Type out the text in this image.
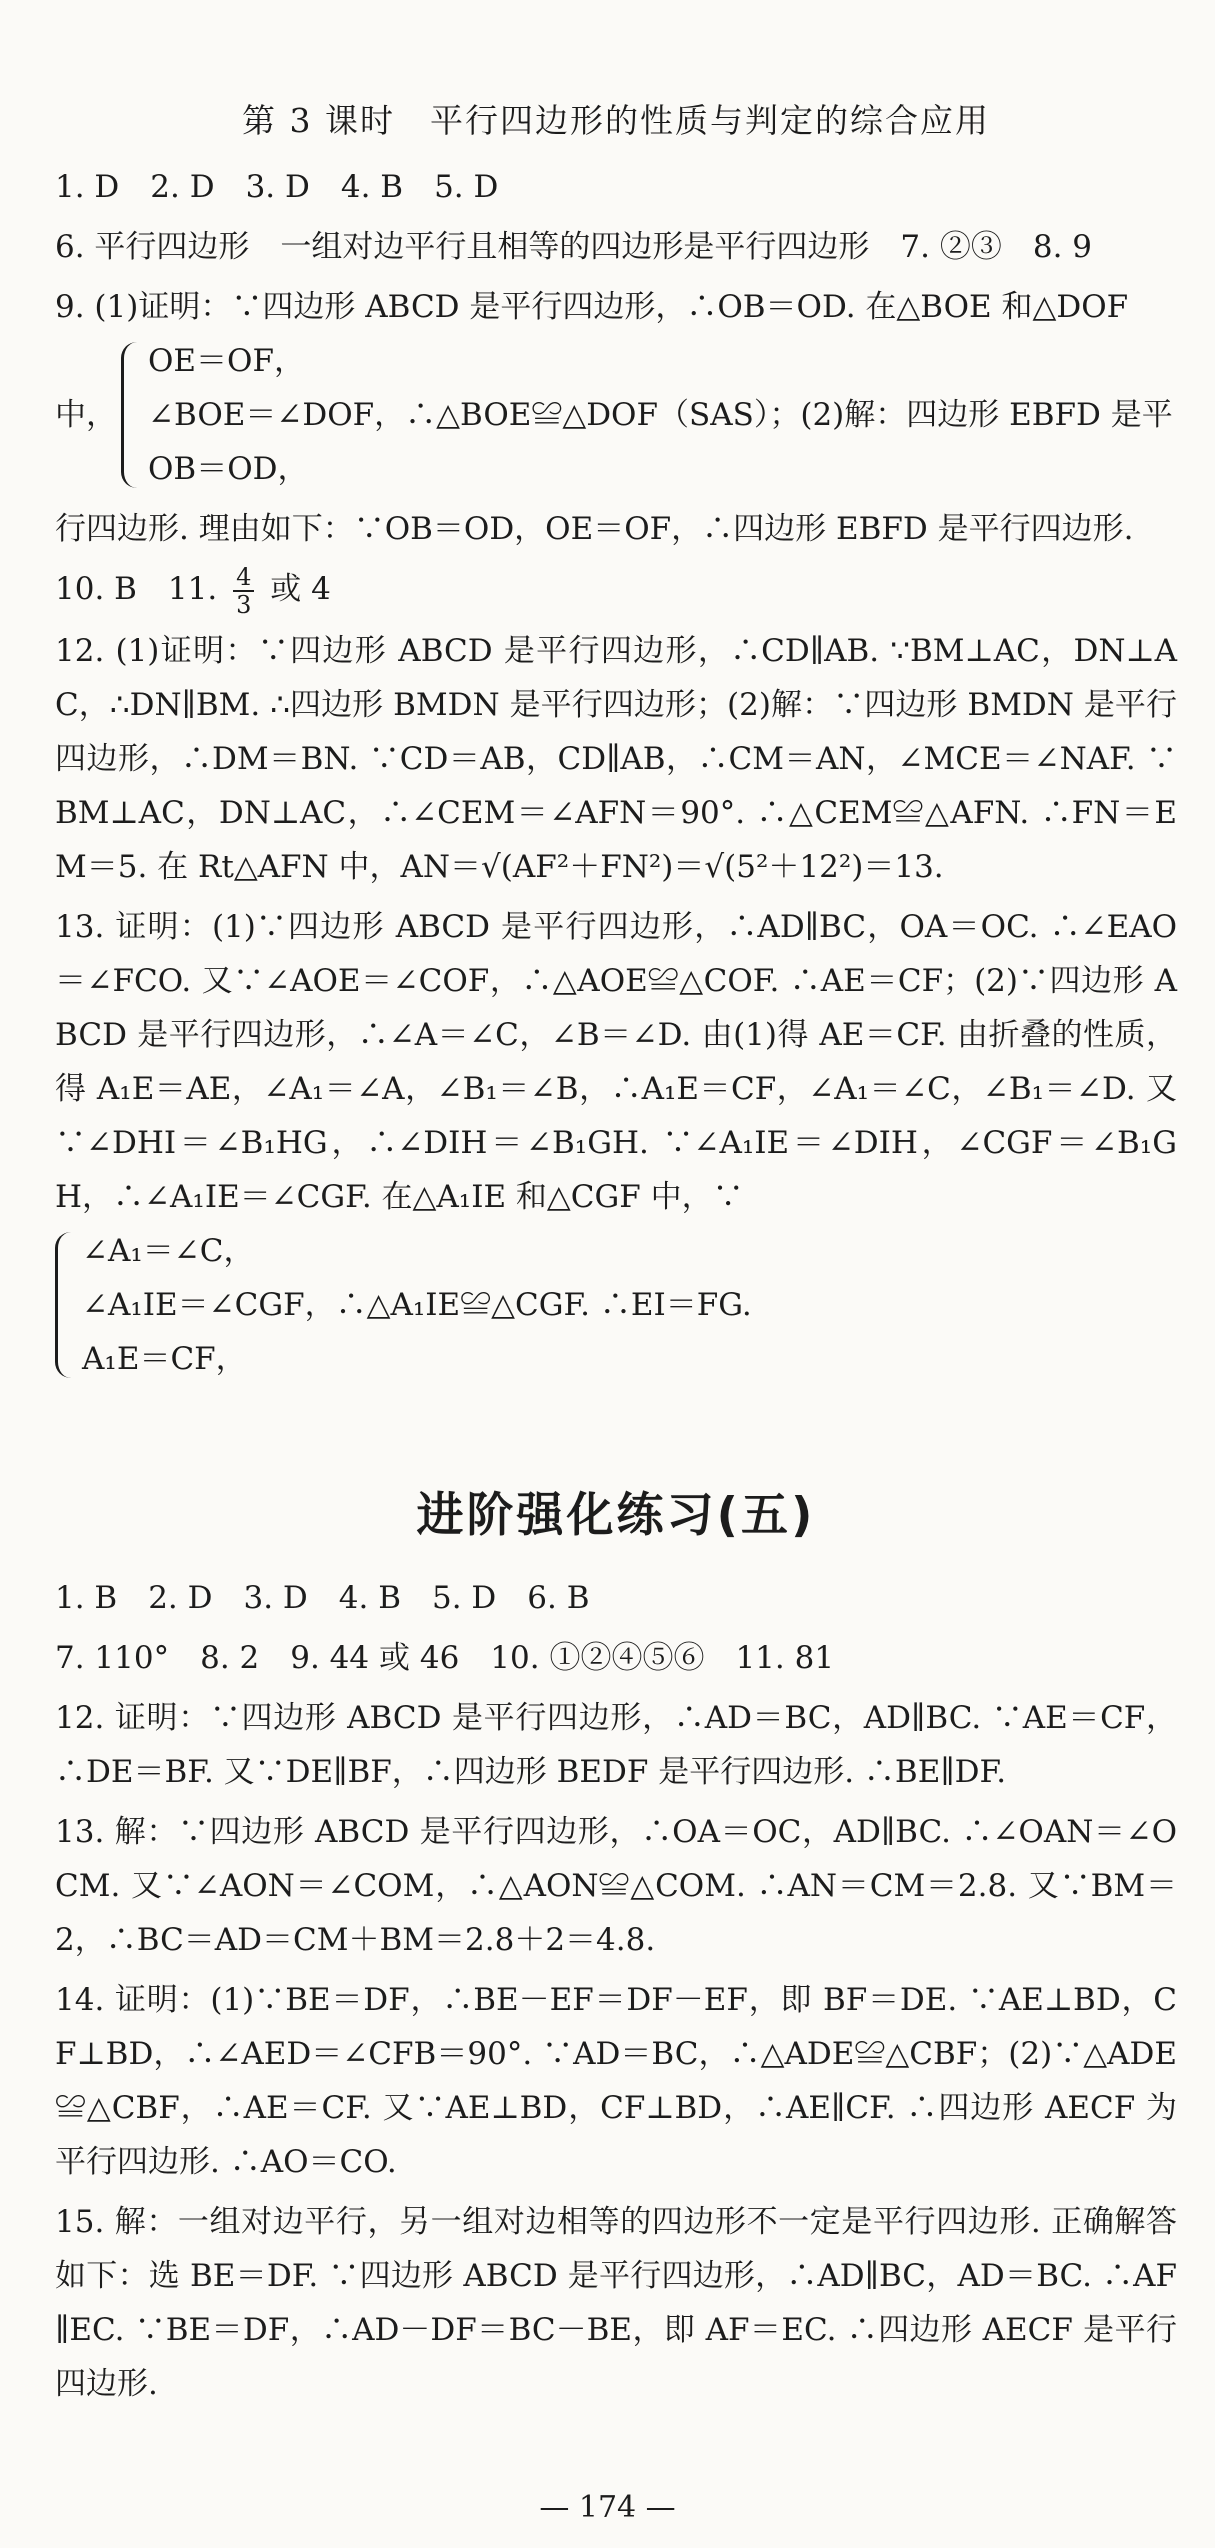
第 3 课时　平行四边形的性质与判定的综合应用
1. D　2. D　3. D　4. B　5. D
6. 平行四边形　一组对边平行且相等的四边形是平行四边形　7. ②③　8. 9
9. (1)证明：∵四边形 ABCD 是平行四边形，∴OB＝OD. 在△BOE 和△DOF
中，
OE＝OF，
∠BOE＝∠DOF，∴△BOE≌△DOF（SAS）；(2)解：四边形 EBFD 是平
OB＝OD，
行四边形. 理由如下：∵OB＝OD，OE＝OF，∴四边形 EBFD 是平行四边形.
10. B　11. $\frac{4}{3}$ 或 4
12. (1)证明：∵四边形 ABCD 是平行四边形，∴CD∥AB. ∵BM⊥AC，DN⊥AC，∴DN∥BM. ∴四边形 BMDN 是平行四边形；(2)解：∵四边形 BMDN 是平行四边形，∴DM＝BN. ∵CD＝AB，CD∥AB，∴CM＝AN，∠MCE＝∠NAF. ∵BM⊥AC，DN⊥AC，∴∠CEM＝∠AFN＝90°. ∴△CEM≌△AFN. ∴FN＝EM＝5. 在 Rt△AFN 中，AN＝√(AF²＋FN²)＝√(5²＋12²)＝13.
13. 证明：(1)∵四边形 ABCD 是平行四边形，∴AD∥BC，OA＝OC. ∴∠EAO＝∠FCO. 又∵∠AOE＝∠COF，∴△AOE≌△COF. ∴AE＝CF；(2)∵四边形 ABCD 是平行四边形，∴∠A＝∠C，∠B＝∠D. 由(1)得 AE＝CF. 由折叠的性质，得 A₁E＝AE，∠A₁＝∠A，∠B₁＝∠B，∴A₁E＝CF，∠A₁＝∠C，∠B₁＝∠D. 又∵∠DHI＝∠B₁HG，∴∠DIH＝∠B₁GH. ∵∠A₁IE＝∠DIH，∠CGF＝∠B₁GH，∴∠A₁IE＝∠CGF. 在△A₁IE 和△CGF 中，∵
∠A₁＝∠C，
∠A₁IE＝∠CGF，∴△A₁IE≌△CGF. ∴EI＝FG.
A₁E＝CF，
进阶强化练习(五)
1. B　2. D　3. D　4. B　5. D　6. B
7. 110°　8. 2　9. 44 或 46　10. ①②④⑤⑥　11. 81
12. 证明：∵四边形 ABCD 是平行四边形，∴AD＝BC，AD∥BC. ∵AE＝CF，∴DE＝BF. 又∵DE∥BF，∴四边形 BEDF 是平行四边形. ∴BE∥DF.
13. 解：∵四边形 ABCD 是平行四边形，∴OA＝OC，AD∥BC. ∴∠OAN＝∠OCM. 又∵∠AON＝∠COM，∴△AON≌△COM. ∴AN＝CM＝2.8. 又∵BM＝2，∴BC＝AD＝CM＋BM＝2.8＋2＝4.8.
14. 证明：(1)∵BE＝DF，∴BE－EF＝DF－EF，即 BF＝DE. ∵AE⊥BD，CF⊥BD，∴∠AED＝∠CFB＝90°. ∵AD＝BC，∴△ADE≌△CBF；(2)∵△ADE≌△CBF，∴AE＝CF. 又∵AE⊥BD，CF⊥BD，∴AE∥CF. ∴四边形 AECF 为平行四边形. ∴AO＝CO.
15. 解：一组对边平行，另一组对边相等的四边形不一定是平行四边形. 正确解答如下：选 BE＝DF. ∵四边形 ABCD 是平行四边形，∴AD∥BC，AD＝BC. ∴AF∥EC. ∵BE＝DF，∴AD－DF＝BC－BE，即 AF＝EC. ∴四边形 AECF 是平行四边形.
— 174 —
